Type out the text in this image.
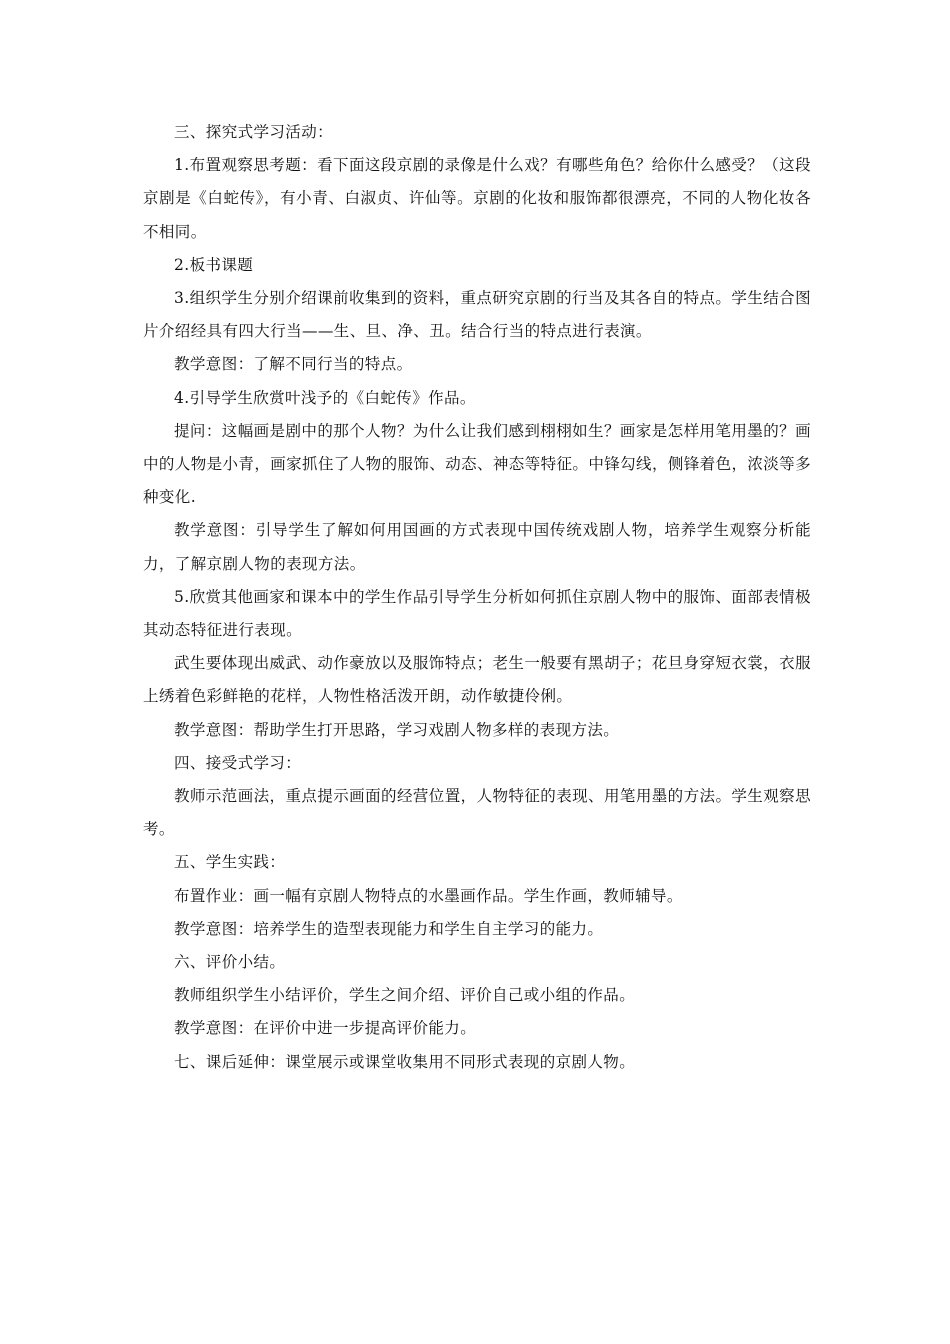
三、探究式学习活动：

1.布置观察思考题：看下面这段京剧的录像是什么戏？有哪些角色？给你什么感受？（这段京剧是《白蛇传》，有小青、白淑贞、许仙等。京剧的化妆和服饰都很漂亮，不同的人物化妆各不相同。

2.板书课题

3.组织学生分别介绍课前收集到的资料，重点研究京剧的行当及其各自的特点。学生结合图片介绍经具有四大行当——生、旦、净、丑。结合行当的特点进行表演。

教学意图：了解不同行当的特点。

4.引导学生欣赏叶浅予的《白蛇传》作品。

提问：这幅画是剧中的那个人物？为什么让我们感到栩栩如生？画家是怎样用笔用墨的？画中的人物是小青，画家抓住了人物的服饰、动态、神态等特征。中锋勾线，侧锋着色，浓淡等多种变化.

教学意图：引导学生了解如何用国画的方式表现中国传统戏剧人物，培养学生观察分析能力，了解京剧人物的表现方法。

5.欣赏其他画家和课本中的学生作品引导学生分析如何抓住京剧人物中的服饰、面部表情极其动态特征进行表现。

武生要体现出威武、动作豪放以及服饰特点；老生一般要有黑胡子；花旦身穿短衣裳，衣服上绣着色彩鲜艳的花样，人物性格活泼开朗，动作敏捷伶俐。

教学意图：帮助学生打开思路，学习戏剧人物多样的表现方法。

四、接受式学习：

教师示范画法，重点提示画面的经营位置，人物特征的表现、用笔用墨的方法。学生观察思考。

五、学生实践：

布置作业：画一幅有京剧人物特点的水墨画作品。学生作画，教师辅导。

教学意图：培养学生的造型表现能力和学生自主学习的能力。

六、评价小结。

教师组织学生小结评价，学生之间介绍、评价自己或小组的作品。

教学意图：在评价中进一步提高评价能力。

七、课后延伸：课堂展示或课堂收集用不同形式表现的京剧人物。
